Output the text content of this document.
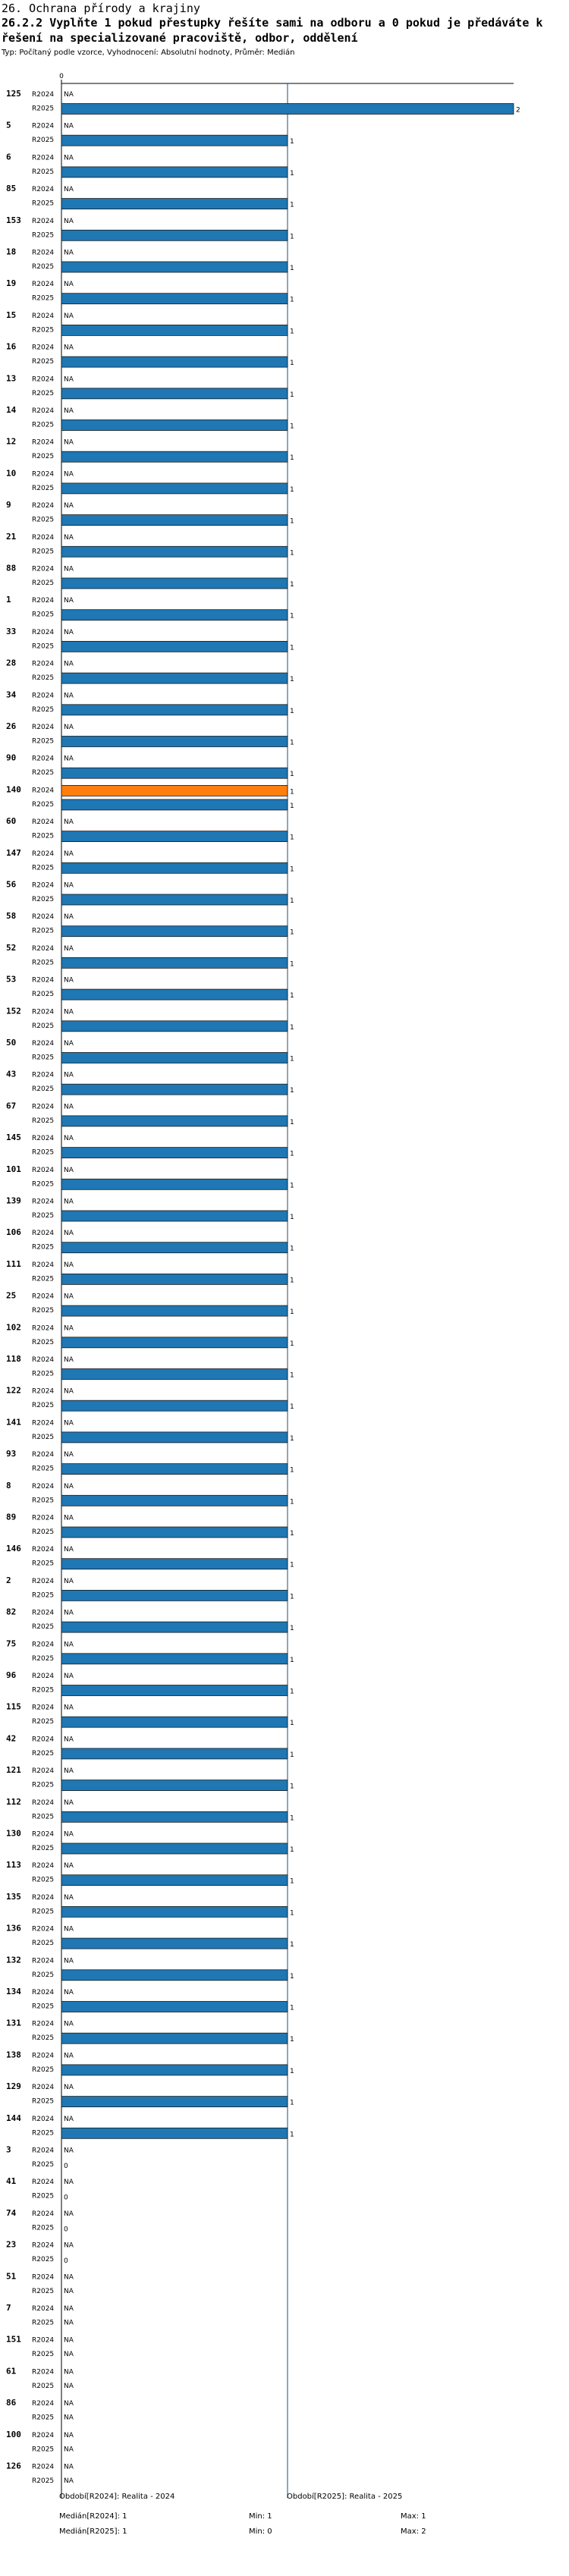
26. Ochrana přírody a krajiny
26.2.2 Vyplňte 1 pokud přestupky řešíte sami na odboru a 0 pokud je předáváte k řešení na specializované pracoviště, odbor, oddělení
Typ: Počítaný podle vzorce, Vyhodnocení: Absolutní hodnoty, Průměr: Medián
0
125 R2024 NA
R2025	2
5	R2024 NA
R2025	1
6	R2024 NA
R2025	1
85 R2024 NA
R2025	1
153 R2024 NA
R2025	1
18 R2024 NA
R2025	1
19 R2024 NA
R2025	1
15 R2024 NA
R2025	1
16 R2024 NA
R2025	1
13 R2024 NA
R2025	1
14 R2024 NA
R2025	1
12 R2024 NA
R2025	1
10 R2024 NA
R2025	1
9	R2024 NA
R2025	1
21 R2024 NA
R2025	1
88 R2024 NA
R2025	1
1	R2024 NA
R2025	1
33 R2024 NA
R2025	1
28 R2024 NA
R2025	1
34 R2024 NA
R2025	1
26 R2024 NA
R2025	1
90 R2024 NA
R2025	1
140 R2024	1
R2025	1
60 R2024 NA
R2025	1
147 R2024 NA
R2025	1
56 R2024 NA
R2025	1
58 R2024 NA
R2025	1
52 R2024 NA
R2025	1
53 R2024 NA
R2025	1
152 R2024 NA
R2025	1
50 R2024 NA
R2025	1
43 R2024 NA
R2025	1
67 R2024 NA
R2025	1
145 R2024 NA
R2025	1
101 R2024 NA
R2025	1
139 R2024 NA
R2025	1
106 R2024 NA
R2025	1
111 R2024 NA
R2025	1
25 R2024 NA
R2025	1
102 R2024 NA
R2025	1
118 R2024 NA
R2025	1
122 R2024 NA
R2025	1
141 R2024 NA
R2025	1
93 R2024 NA
R2025	1
8	R2024 NA
R2025	1
89 R2024 NA
R2025	1
146 R2024 NA
R2025	1
2	R2024 NA
R2025	1
82 R2024 NA
R2025	1
75 R2024 NA
R2025	1
96 R2024 NA
R2025	1
115 R2024 NA
R2025	1
42 R2024 NA
R2025	1
121 R2024 NA
R2025	1
112 R2024 NA
R2025	1
130 R2024 NA
R2025	1
113 R2024 NA
R2025	1
135 R2024 NA
R2025	1
136 R2024 NA
R2025	1
132 R2024 NA
R2025	1
134 R2024 NA
R2025	1
131 R2024 NA
R2025	1
138 R2024 NA
R2025	1
129 R2024 NA
R2025	1
144 R2024 NA
R2025	1
3	R2024 NA
R2025 0
41 R2024 NA
R2025 0
74 R2024 NA
R2025 0
23 R2024 NA
R2025 0
51 R2024 NA
R2025 NA
7	R2024 NA
R2025 NA
151 R2024 NA
R2025 NA
61 R2024 NA
R2025 NA
86 R2024 NA
R2025 NA
100 R2024 NA
R2025 NA
126 R2024 NA
R2025 NA
Období[R2024]: Realita - 2024	Období[R2025]: Realita - 2025
Medián[R2024]: 1	Min: 1	Max: 1
Medián[R2025]: 1	Min: 0	Max: 2
